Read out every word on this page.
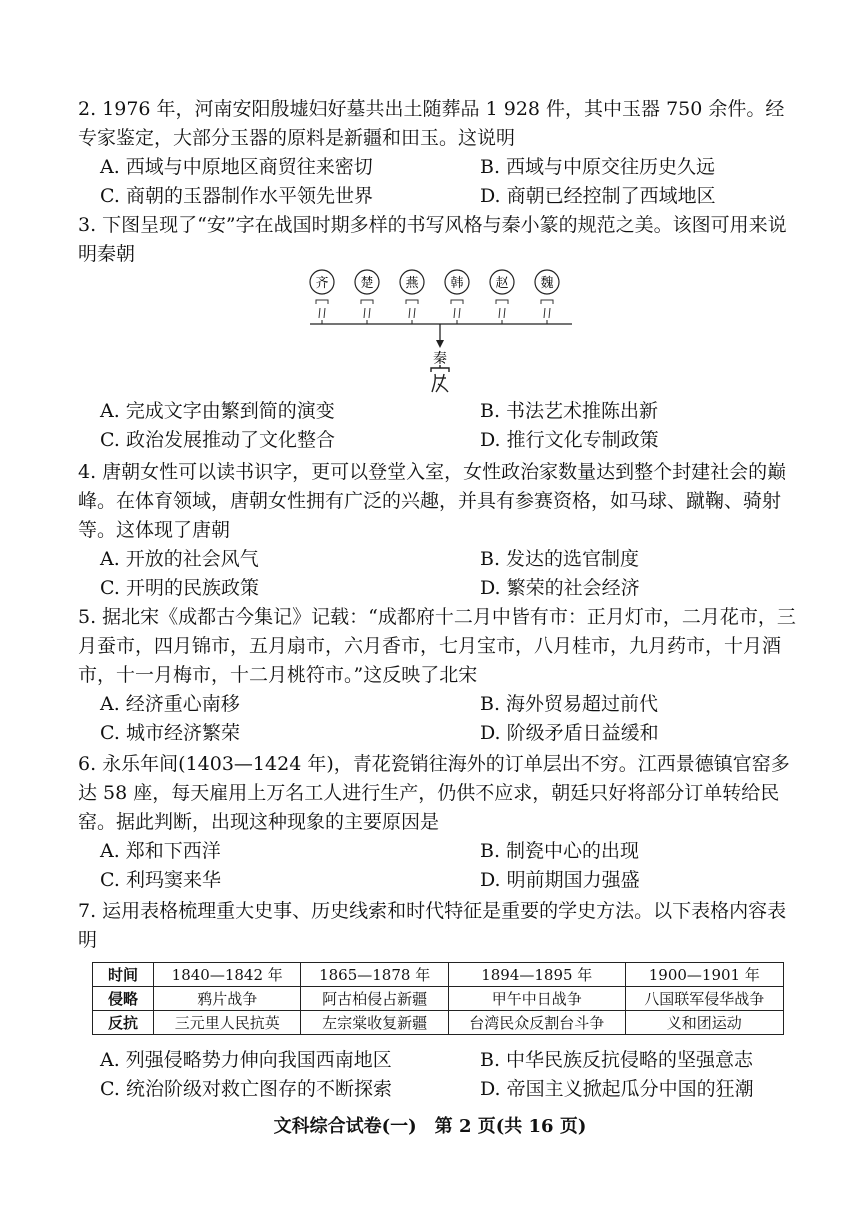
2. 1976 年，河南安阳殷墟妇好墓共出土随葬品 1 928 件，其中玉器 750 余件。经专家鉴定，大部分玉器的原料是新疆和田玉。这说明

A. 西域与中原地区商贸往来密切	B. 西域与中原交往历史久远
C. 商朝的玉器制作水平领先世界	D. 商朝已经控制了西域地区

3. 下图呈现了“安”字在战国时期多样的书写风格与秦小篆的规范之美。该图可用来说明秦朝

齐 楚 燕 韩 赵 魏
秦
A. 完成文字由繁到简的演变	B. 书法艺术推陈出新
C. 政治发展推动了文化整合	D. 推行文化专制政策

4. 唐朝女性可以读书识字，更可以登堂入室，女性政治家数量达到整个封建社会的巅峰。在体育领域，唐朝女性拥有广泛的兴趣，并具有参赛资格，如马球、蹴鞠、骑射等。这体现了唐朝

A. 开放的社会风气	B. 发达的选官制度
C. 开明的民族政策	D. 繁荣的社会经济

5. 据北宋《成都古今集记》记载：“成都府十二月中皆有市：正月灯市，二月花市，三月蚕市，四月锦市，五月扇市，六月香市，七月宝市，八月桂市，九月药市，十月酒市，十一月梅市，十二月桃符市。”这反映了北宋

A. 经济重心南移	B. 海外贸易超过前代
C. 城市经济繁荣	D. 阶级矛盾日益缓和

6. 永乐年间(1403—1424 年)，青花瓷销往海外的订单层出不穷。江西景德镇官窑多达 58 座，每天雇用上万名工人进行生产，仍供不应求，朝廷只好将部分订单转给民窑。据此判断，出现这种现象的主要原因是

A. 郑和下西洋	B. 制瓷中心的出现
C. 利玛窦来华	D. 明前期国力强盛

7. 运用表格梳理重大史事、历史线索和时代特征是重要的学史方法。以下表格内容表明

时间	1840—1842 年	1865—1878 年	1894—1895 年	1900—1901 年
侵略	鸦片战争	阿古柏侵占新疆	甲午中日战争	八国联军侵华战争
反抗	三元里人民抗英	左宗棠收复新疆	台湾民众反割台斗争	义和团运动
A. 列强侵略势力伸向我国西南地区	B. 中华民族反抗侵略的坚强意志
C. 统治阶级对救亡图存的不断探索	D. 帝国主义掀起瓜分中国的狂潮
文科综合试卷(一)　第 2 页(共 16 页)
